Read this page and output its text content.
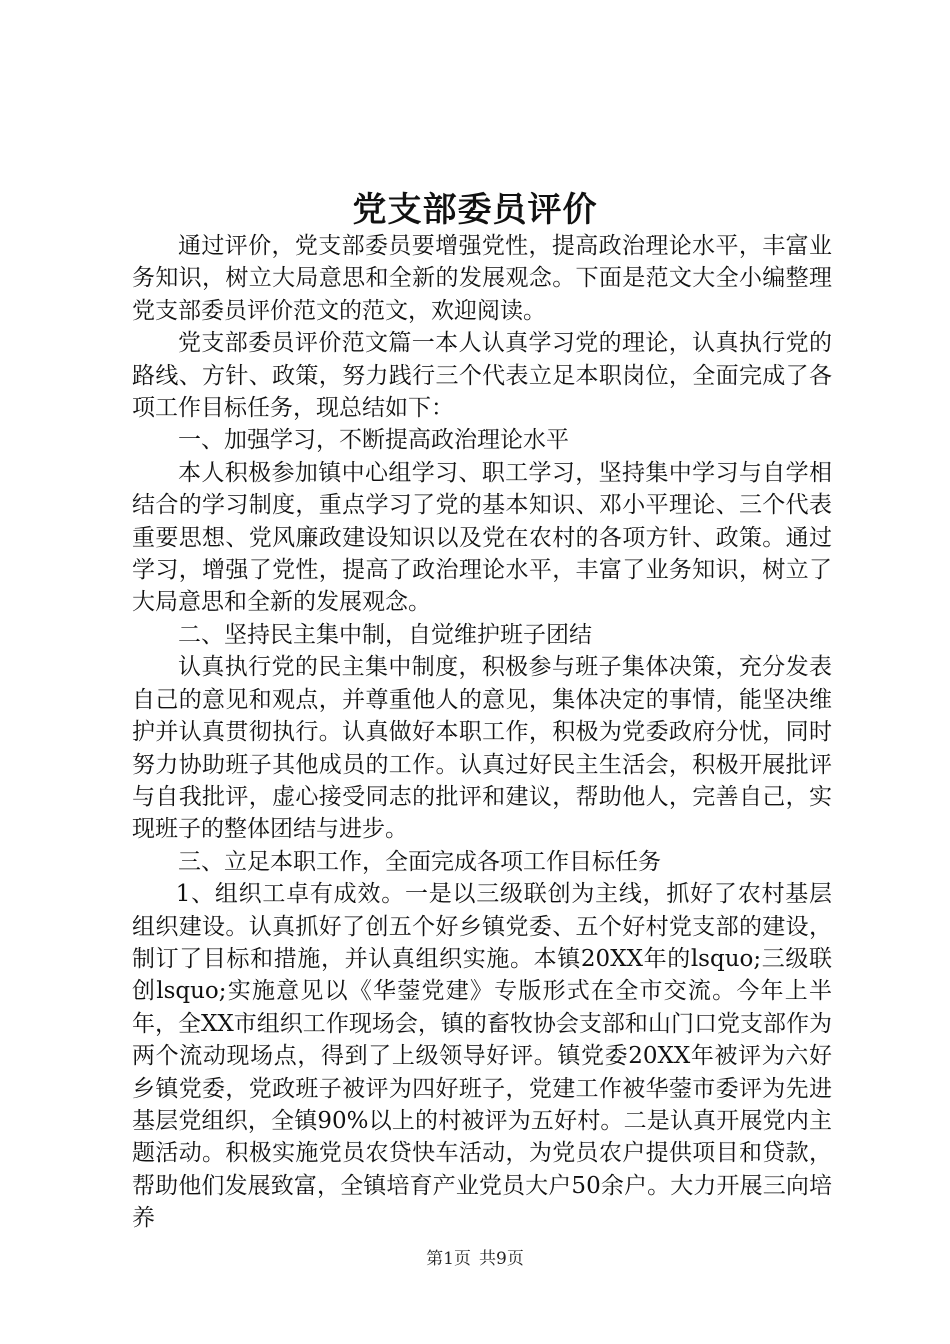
党支部委员评价

通过评价，党支部委员要增强党性，提高政治理论水平，丰富业务知识，树立大局意思和全新的发展观念。下面是范文大全小编整理党支部委员评价范文的范文，欢迎阅读。

党支部委员评价范文篇一本人认真学习党的理论，认真执行党的路线、方针、政策，努力践行三个代表立足本职岗位，全面完成了各项工作目标任务，现总结如下：

一、加强学习，不断提高政治理论水平

本人积极参加镇中心组学习、职工学习，坚持集中学习与自学相结合的学习制度，重点学习了党的基本知识、邓小平理论、三个代表重要思想、党风廉政建设知识以及党在农村的各项方针、政策。通过学习，增强了党性，提高了政治理论水平，丰富了业务知识，树立了大局意思和全新的发展观念。

二、坚持民主集中制，自觉维护班子团结

认真执行党的民主集中制度，积极参与班子集体决策，充分发表自己的意见和观点，并尊重他人的意见，集体决定的事情，能坚决维护并认真贯彻执行。认真做好本职工作，积极为党委政府分忧，同时努力协助班子其他成员的工作。认真过好民主生活会，积极开展批评与自我批评，虚心接受同志的批评和建议，帮助他人，完善自己，实现班子的整体团结与进步。

三、立足本职工作，全面完成各项工作目标任务

1、组织工卓有成效。一是以三级联创为主线，抓好了农村基层组织建设。认真抓好了创五个好乡镇党委、五个好村党支部的建设，制订了目标和措施，并认真组织实施。本镇20XX年的lsquo;三级联创lsquo;实施意见以《华蓥党建》专版形式在全市交流。今年上半年，全XX市组织工作现场会，镇的畜牧协会支部和山门口党支部作为两个流动现场点，得到了上级领导好评。镇党委20XX年被评为六好乡镇党委，党政班子被评为四好班子，党建工作被华蓥市委评为先进基层党组织，全镇90%以上的村被评为五好村。二是认真开展党内主题活动。积极实施党员农贷快车活动，为党员农户提供项目和贷款，帮助他们发展致富，全镇培育产业党员大户50余户。大力开展三向培养

第1页 共9页
